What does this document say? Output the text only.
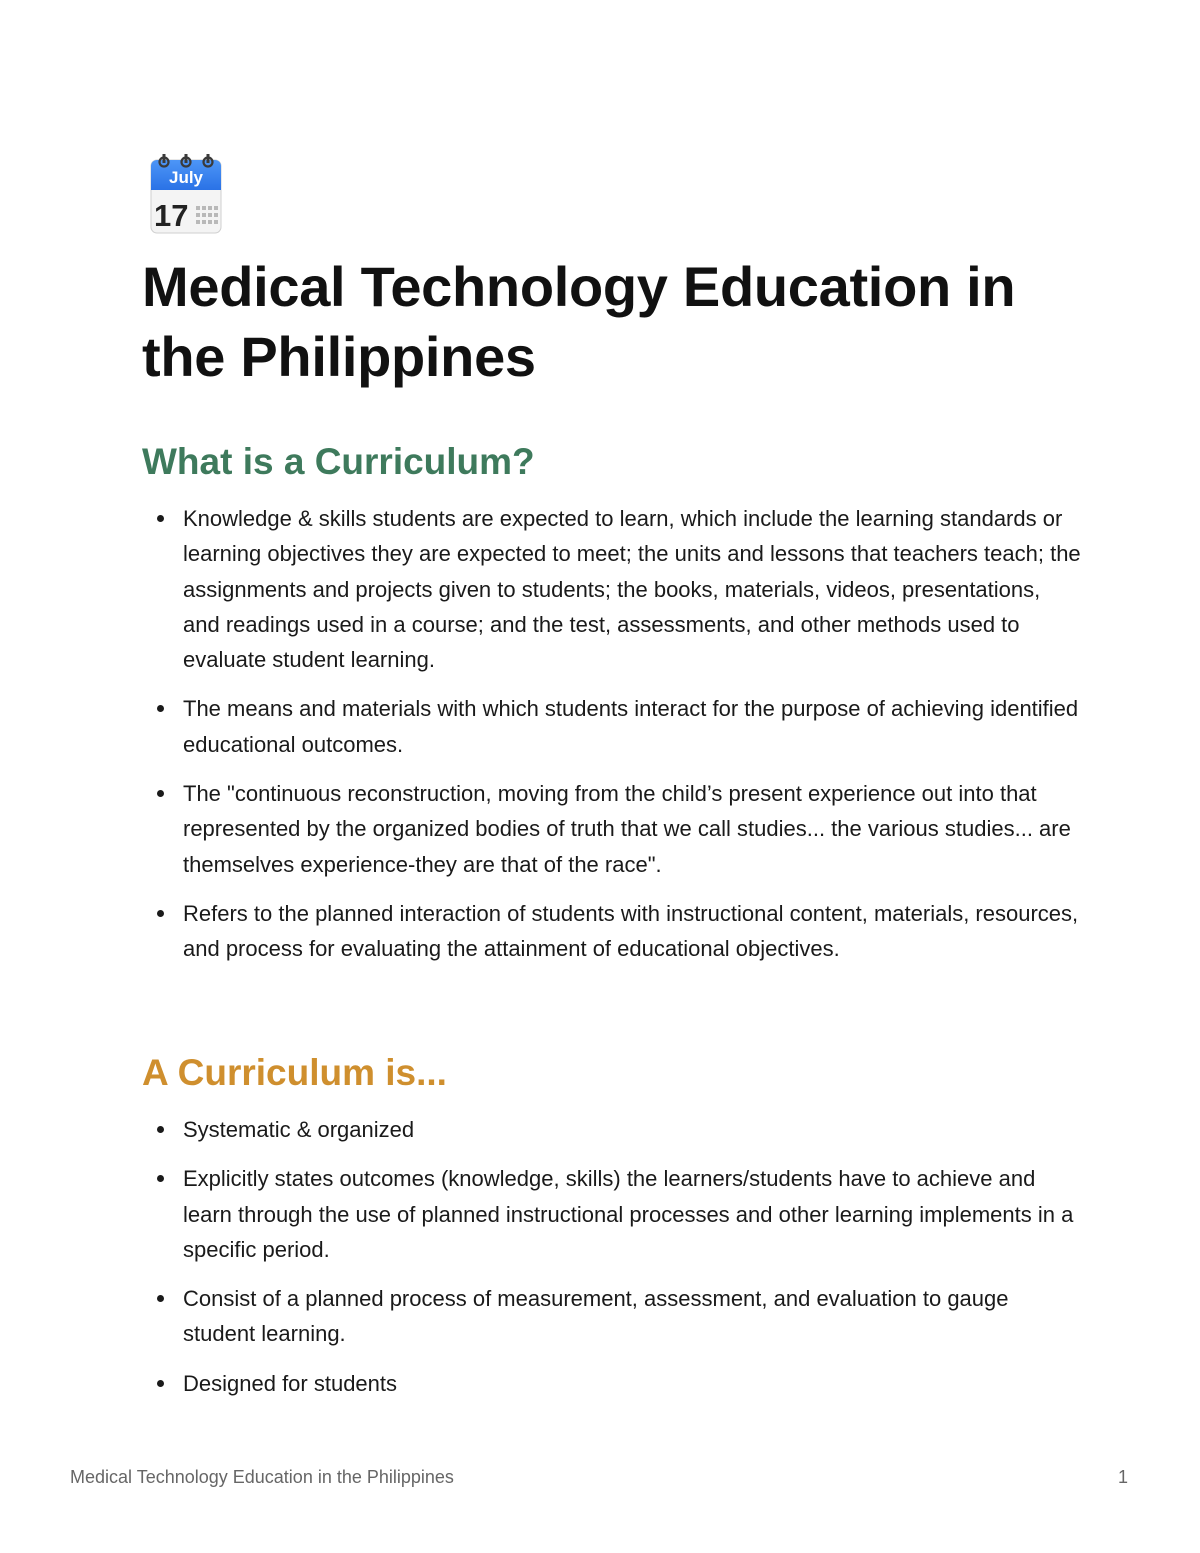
July
17
Medical Technology Education in the Philippines
What is a Curriculum?
Knowledge & skills students are expected to learn, which include the learning standards or learning objectives they are expected to meet; the units and lessons that teachers teach; the assignments and projects given to students; the books, materials, videos, presentations, and readings used in a course; and the test, assessments, and other methods used to evaluate student learning.
The means and materials with which students interact for the purpose of achieving identified educational outcomes.
The "continuous reconstruction, moving from the child’s present experience out into that represented by the organized bodies of truth that we call studies... the various studies... are themselves experience-they are that of the race".
Refers to the planned interaction of students with instructional content, materials, resources, and process for evaluating the attainment of educational objectives.
A Curriculum is...
Systematic & organized
Explicitly states outcomes (knowledge, skills) the learners/students have to achieve and learn through the use of planned instructional processes and other learning implements in a specific period.
Consist of a planned process of measurement, assessment, and evaluation to gauge student learning.
Designed for students
Medical Technology Education in the Philippines	1
